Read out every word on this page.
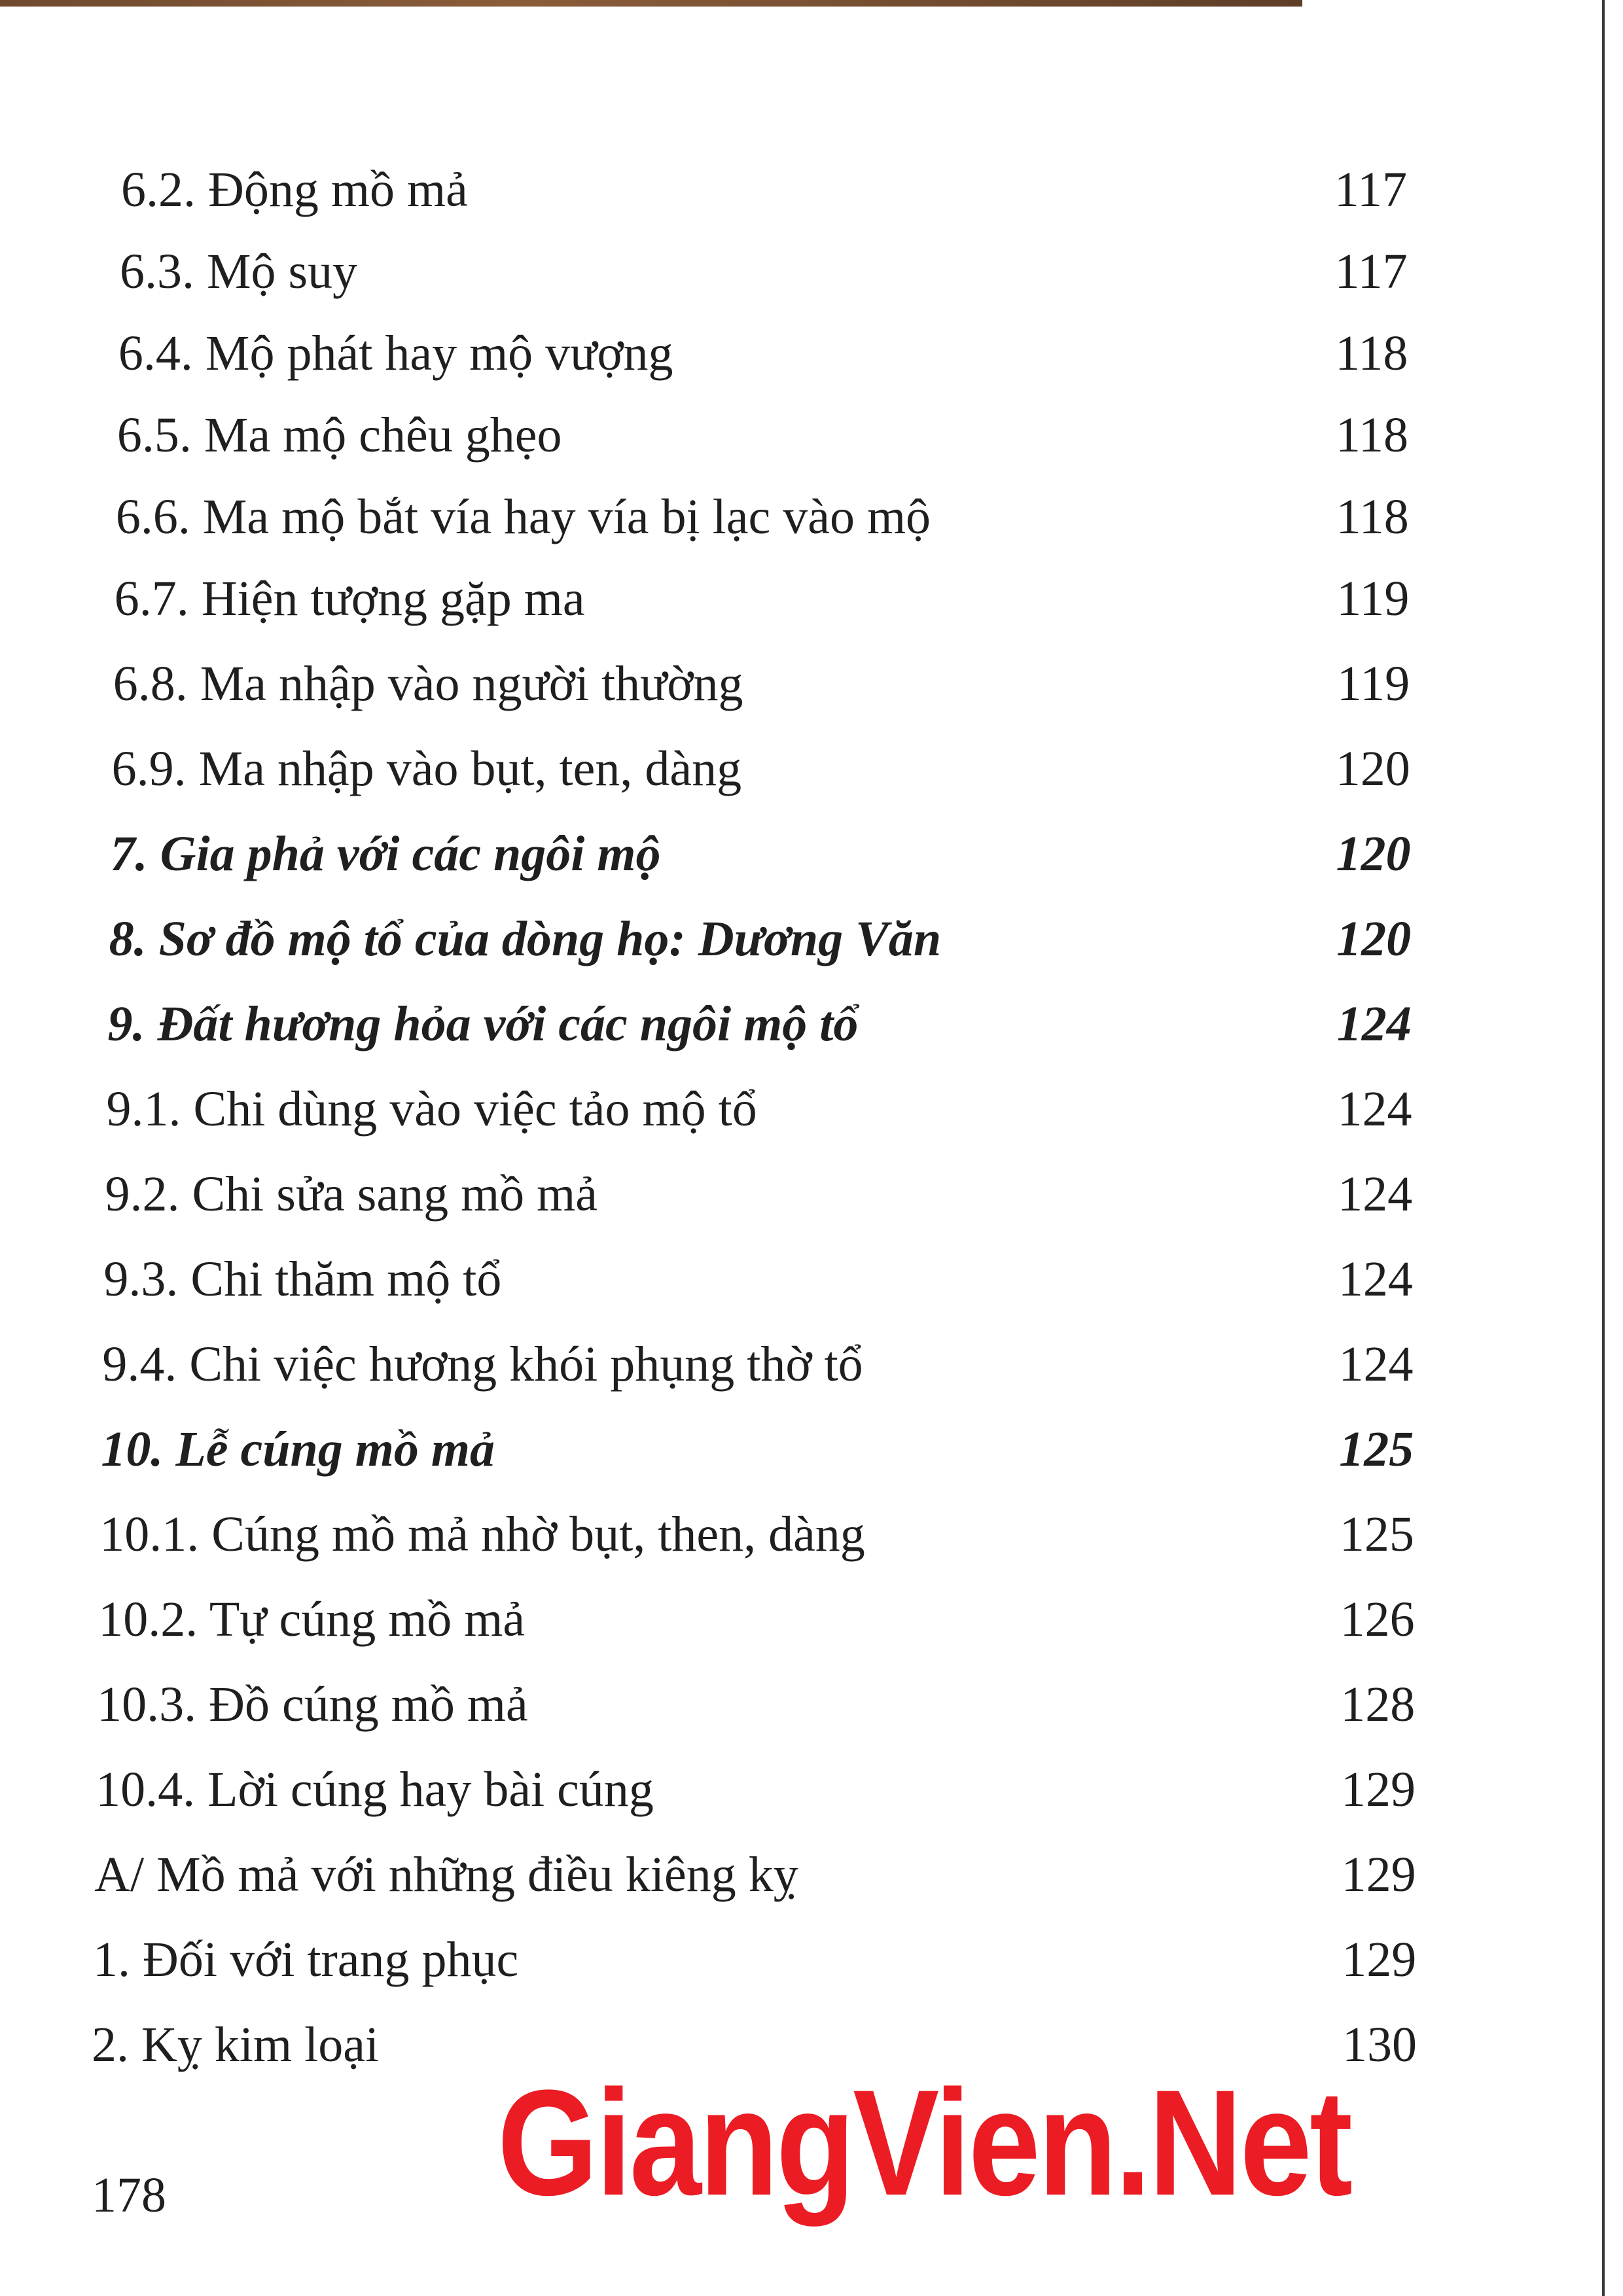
6.2. Động mồ mả	117
6.3. Mộ suy	117
6.4. Mộ phát hay mộ vượng	118
6.5. Ma mộ chêu ghẹo	118
6.6. Ma mộ bắt vía hay vía bị lạc vào mộ	118
6.7. Hiện tượng gặp ma	119
6.8. Ma nhập vào người thường	119
6.9. Ma nhập vào bụt, ten, dàng	120
7. Gia phả với các ngôi mộ	120
8. Sơ đồ mộ tổ của dòng họ: Dương Văn	120
9. Đất hương hỏa với các ngôi mộ tổ	124
9.1. Chi dùng vào việc tảo mộ tổ	124
9.2. Chi sửa sang mồ mả	124
9.3. Chi thăm mộ tổ	124
9.4. Chi việc hương khói phụng thờ tổ	124
10. Lễ cúng mồ mả	125
10.1. Cúng mồ mả nhờ bụt, then, dàng	125
10.2. Tự cúng mồ mả	126
10.3. Đồ cúng mồ mả	128
10.4. Lời cúng hay bài cúng	129
A/ Mồ mả với những điều kiêng kỵ	129
1. Đối với trang phục	129
2. Kỵ kim loại	130
178 GiangVien.Net
